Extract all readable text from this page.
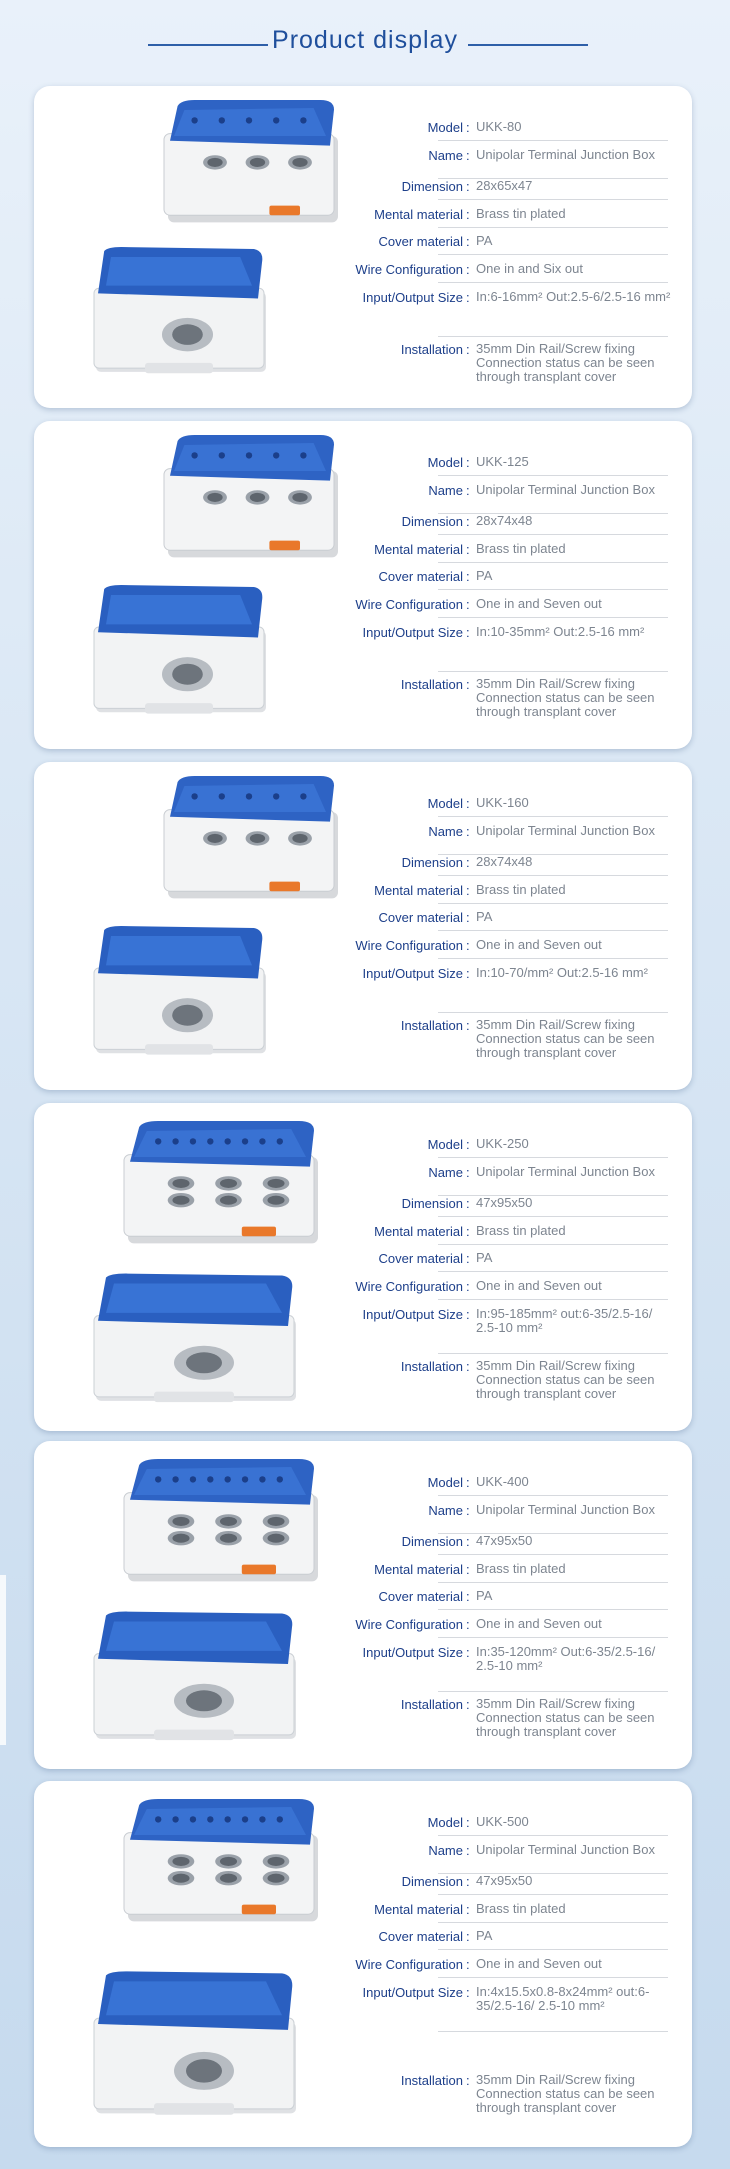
Product display
Model : UKK-80
Name : Unipolar Terminal Junction Box
Dimension : 28x65x47
Mental material : Brass tin plated
Cover material : PA
Wire Configuration : One in and Six out
Input/Output Size : In:6-16mm² Out:2.5-6/2.5-16 mm²
Installation : 35mm Din Rail/Screw fixing Connection status can be seen through transplant cover
Model : UKK-125
Name : Unipolar Terminal Junction Box
Dimension : 28x74x48
Mental material : Brass tin plated
Cover material : PA
Wire Configuration : One in and Seven out
Input/Output Size : In:10-35mm² Out:2.5-16 mm²
Installation : 35mm Din Rail/Screw fixing Connection status can be seen through transplant cover
Model : UKK-160
Name : Unipolar Terminal Junction Box
Dimension : 28x74x48
Mental material : Brass tin plated
Cover material : PA
Wire Configuration : One in and Seven out
Input/Output Size : In:10-70/mm² Out:2.5-16 mm²
Installation : 35mm Din Rail/Screw fixing Connection status can be seen through transplant cover
Model : UKK-250
Name : Unipolar Terminal Junction Box
Dimension : 47x95x50
Mental material : Brass tin plated
Cover material : PA
Wire Configuration : One in and Seven out
Input/Output Size : In:95-185mm² out:6-35/2.5-16/ 2.5-10 mm²
Installation : 35mm Din Rail/Screw fixing Connection status can be seen through transplant cover
Model : UKK-400
Name : Unipolar Terminal Junction Box
Dimension : 47x95x50
Mental material : Brass tin plated
Cover material : PA
Wire Configuration : One in and Seven out
Input/Output Size : In:35-120mm² Out:6-35/2.5-16/ 2.5-10 mm²
Installation : 35mm Din Rail/Screw fixing Connection status can be seen through transplant cover
Model : UKK-500
Name : Unipolar Terminal Junction Box
Dimension : 47x95x50
Mental material : Brass tin plated
Cover material : PA
Wire Configuration : One in and Seven out
Input/Output Size : In:4x15.5x0.8-8x24mm² out:6-35/2.5-16/ 2.5-10 mm²
Installation : 35mm Din Rail/Screw fixing Connection status can be seen through transplant cover
